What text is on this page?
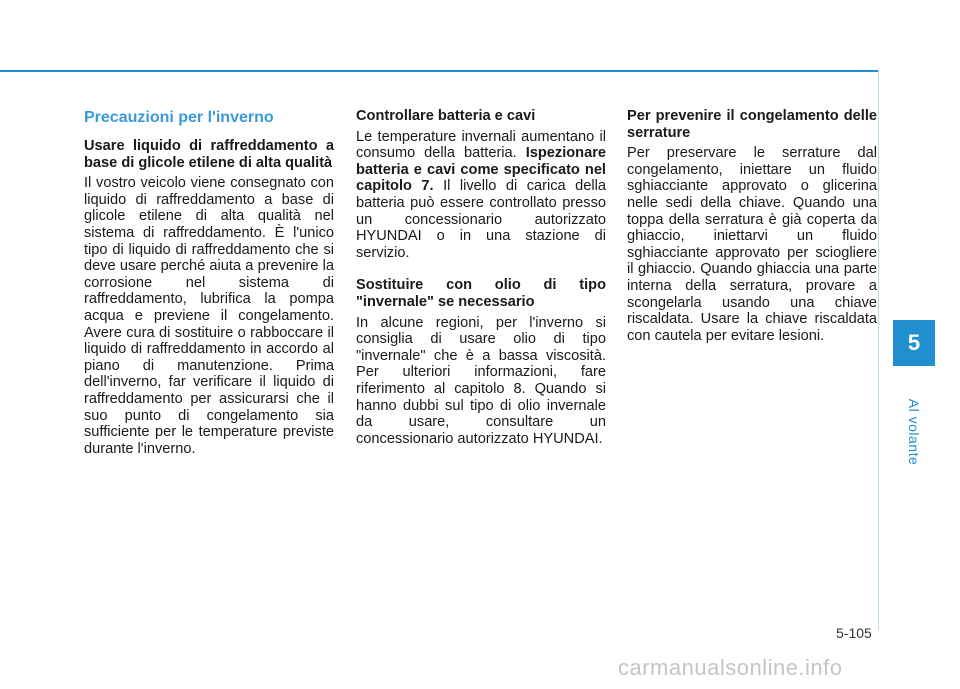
5
Al volante
Precauzioni per l'inverno
Usare liquido di raffreddamento a base di glicole etilene di alta qualità

Il vostro veicolo viene consegnato con liquido di raffreddamento a base di glicole etilene di alta qualità nel sistema di raffreddamento. È l'unico tipo di liquido di raffreddamento che si deve usare perché aiuta a prevenire la corrosione nel sistema di raffreddamento, lubrifica la pompa acqua e previene il congelamento. Avere cura di sostituire o rabboccare il liquido di raffreddamento in accordo al piano di manutenzione. Prima dell'inverno, far verificare il liquido di raffreddamento per assicurarsi che il suo punto di congelamento sia sufficiente per le temperature previste durante l'inverno.

Controllare batteria e cavi

Le temperature invernali aumentano il consumo della batteria. Ispezionare batteria e cavi come specificato nel capitolo 7. Il livello di carica della batteria può essere controllato presso un concessionario autorizzato HYUNDAI o in una stazione di servizio.

Sostituire con olio di tipo "invernale" se necessario

In alcune regioni, per l'inverno si consiglia di usare olio di tipo "invernale" che è a bassa viscosità. Per ulteriori informazioni, fare riferimento al capitolo 8. Quando si hanno dubbi sul tipo di olio invernale da usare, consultare un concessionario autorizzato HYUNDAI.

Per prevenire il congelamento delle serrature

Per preservare le serrature dal congelamento, iniettare un fluido sghiacciante approvato o glicerina nelle sedi della chiave. Quando una toppa della serratura è già coperta da ghiaccio, iniettarvi un fluido sghiacciante approvato per sciogliere il ghiaccio. Quando ghiaccia una parte interna della serratura, provare a scongelarla usando una chiave riscaldata. Usare la chiave riscaldata con cautela per evitare lesioni.

5-105
carmanualsonline.info
